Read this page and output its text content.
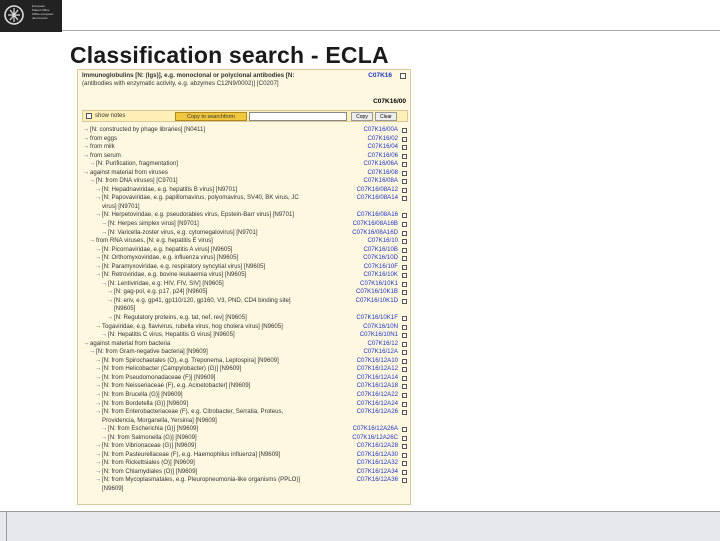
European
Patent Office
Office européen
des brevets
Classification search - ECLA
Immunoglobulins [N: (Igs)], e.g. monoclonal or polyclonal antibodies [N:
(antibodies with enzymatic activity, e.g. abzymes C12N9/0002)] [C0207]
C07K16
C07K16/00
show notes	Copy to searchform	Copy	Clear
→ [N: constructed by phage libraries] [N0411]	C07K16/00A
→ from eggs	C07K16/02
→ from milk	C07K16/04
→ from serum	C07K16/06
→ [N: Purification, fragmentation]	C07K16/06A
→ against material from viruses	C07K16/08
→ [N: from DNA viruses] [C9701]	C07K16/08A
→ [N: Hepadnaviridae, e.g. hepatitis B virus] [N9701]	C07K16/08A12
→ [N: Papovaviridae, e.g. papillomavirus, polyomavirus, SV40, BK virus, JC	C07K16/08A14
virus] [N9701]
→ [N: Herpetoviridae, e.g. pseudorabies virus, Epstein-Barr virus] [N9701]	C07K16/08A16
→ [N: Herpes simplex virus] [N9701]	C07K16/08A16B
→ [N: Varicella-zoster virus, e.g. cytomegalovirus] [N9701]	C07K16/08A16D
→ from RNA viruses, [N: e.g. hepatitis E virus]	C07K16/10
→ [N: Picornaviridae, e.g. hepatitis A virus] [N9605]	C07K16/10B
→ [N: Orthomyxoviridae, e.g. influenza virus] [N9605]	C07K16/10D
→ [N: Paramyxoviridae, e.g. respiratory syncytial virus] [N9605]	C07K16/10F
→ [N: Retroviridae, e.g. bovine leukaemia virus] [N9605]	C07K16/10K
→ [N: Lentiviridae, e.g. HIV, FIV, SIV] [N9605]	C07K16/10K1
→ [N: gag-pol, e.g. p17, p24] [N9605]	C07K16/10K1B
→ [N: env, e.g. gp41, gp110/120, gp160, V3, PND, CD4 binding site]	C07K16/10K1D
[N9605]
→ [N: Regulatory proteins, e.g. tat, nef, rev] [N9605]	C07K16/10K1F
→ Togaviridae, e.g. flavivirus, rubella virus, hog cholera virus] [N9605]	C07K16/10N
→ [N: Hepatitis C virus, Hepatitis G virus] [N9605]	C07K16/10N1
→ against material from bacteria	C07K16/12
→ [N: from Gram-negative bacteria] [N9609]	C07K16/12A
→ [N: from Spirochaetales (O), e.g. Treponema, Leptospira] [N9609]	C07K16/12A10
→ [N: from Helicobacter (Campylobacter) (G)] [N9609]	C07K16/12A12
→ [N: from Pseudomonadaceae (F)] [N9609]	C07K16/12A14
→ [N: from Neisseriaceae (F), e.g. Acinetobacter] [N9609]	C07K16/12A18
→ [N: from Brucella (G)] [N9609]	C07K16/12A22
→ [N: from Bordetella (G)] [N9609]	C07K16/12A24
→ [N: from Enterobacteriaceae (F), e.g. Citrobacter, Serratia, Proteus,	C07K16/12A26
Providencia, Morganella, Yersinia] [N9609]
→ [N: from Escherichia (G)] [N9609]	C07K16/12A26A
→ [N: from Salmonella (G)] [N9609]	C07K16/12A26C
→ [N: from Vibrionaceae (G)] [N9609]	C07K16/12A28
→ [N: from Pasteurellaceae (F), e.g. Haemophilus influenza] [N9609]	C07K16/12A30
→ [N: from Rickettsiales (O)] [N9609]	C07K16/12A32
→ [N: from Chlamydiales (O)] [N9609]	C07K16/12A34
→ [N: from Mycoplasmatales, e.g. Pleuropneumonia-like organisms (PPLO)]	C07K16/12A36
[N9609]
